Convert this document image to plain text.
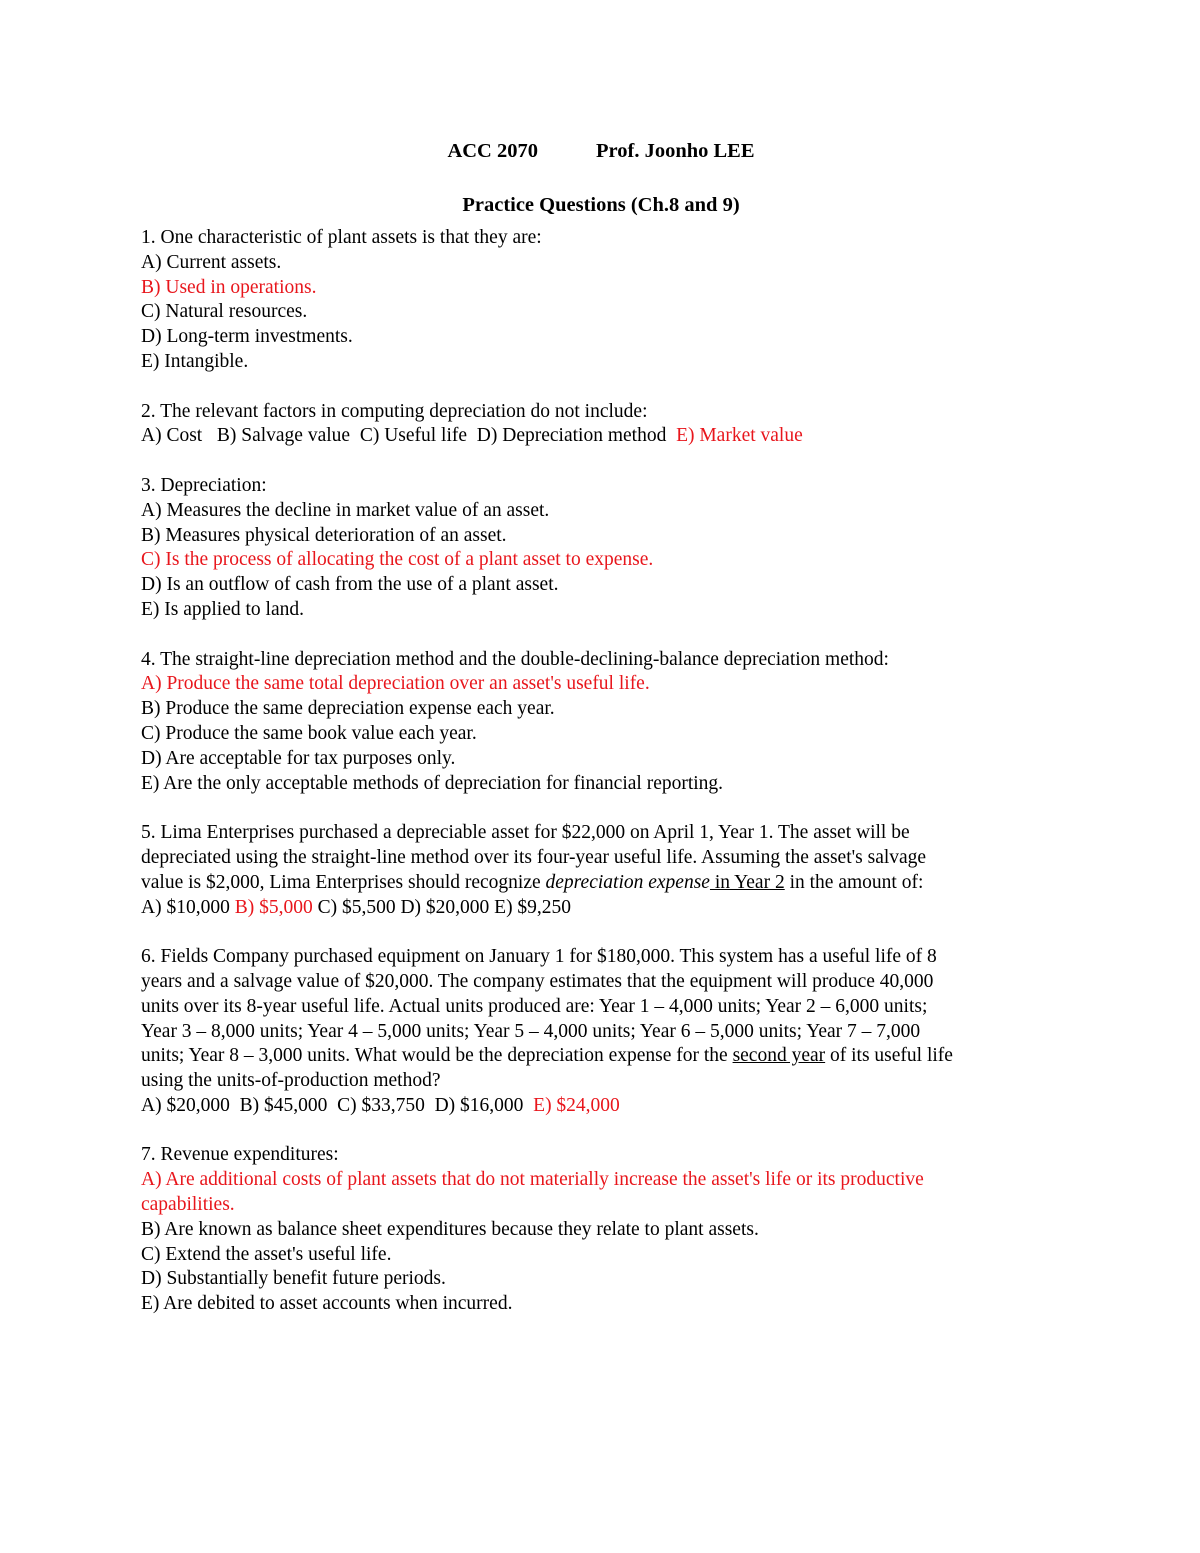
ACC 2070	Prof. Joonho LEE
Practice Questions (Ch.8 and 9)
1. One characteristic of plant assets is that they are:
A) Current assets.
B) Used in operations.
C) Natural resources.
D) Long-term investments.
E) Intangible.
2. The relevant factors in computing depreciation do not include:
A) Cost B) Salvage value C) Useful life D) Depreciation method E) Market value
3. Depreciation:
A) Measures the decline in market value of an asset.
B) Measures physical deterioration of an asset.
C) Is the process of allocating the cost of a plant asset to expense.
D) Is an outflow of cash from the use of a plant asset.
E) Is applied to land.
4. The straight-line depreciation method and the double-declining-balance depreciation method:
A) Produce the same total depreciation over an asset's useful life.
B) Produce the same depreciation expense each year.
C) Produce the same book value each year.
D) Are acceptable for tax purposes only.
E) Are the only acceptable methods of depreciation for financial reporting.
5. Lima Enterprises purchased a depreciable asset for $22,000 on April 1, Year 1. The asset will be
depreciated using the straight-line method over its four-year useful life. Assuming the asset's salvage
value is $2,000, Lima Enterprises should recognize depreciation expense in Year 2 in the amount of:
A) $10,000 B) $5,000 C) $5,500 D) $20,000 E) $9,250
6. Fields Company purchased equipment on January 1 for $180,000. This system has a useful life of 8
years and a salvage value of $20,000. The company estimates that the equipment will produce 40,000
units over its 8-year useful life. Actual units produced are: Year 1 – 4,000 units; Year 2 – 6,000 units;
Year 3 – 8,000 units; Year 4 – 5,000 units; Year 5 – 4,000 units; Year 6 – 5,000 units; Year 7 – 7,000
units; Year 8 – 3,000 units. What would be the depreciation expense for the second year of its useful life
using the units-of-production method?
A) $20,000 B) $45,000 C) $33,750 D) $16,000 E) $24,000
7. Revenue expenditures:
A) Are additional costs of plant assets that do not materially increase the asset's life or its productive
capabilities.
B) Are known as balance sheet expenditures because they relate to plant assets.
C) Extend the asset's useful life.
D) Substantially benefit future periods.
E) Are debited to asset accounts when incurred.
